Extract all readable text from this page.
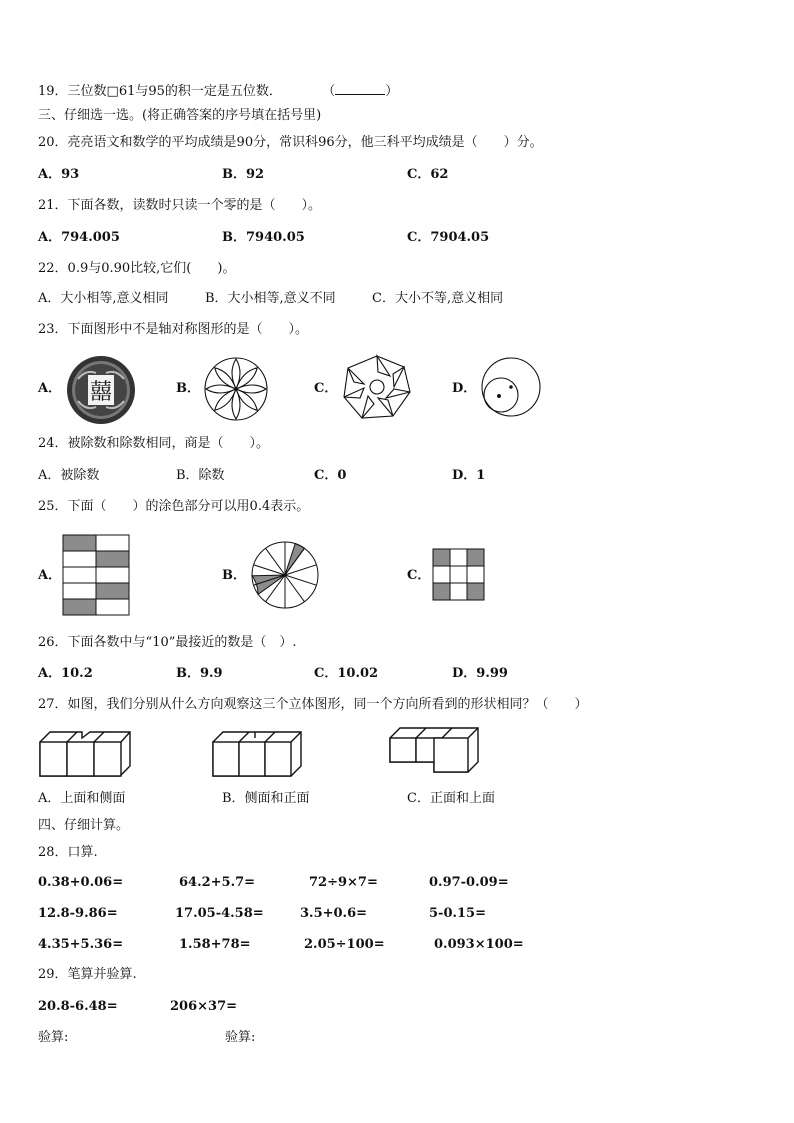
19．三位数□61与95的积一定是五位数．	（	）
三、仔细选一选。(将正确答案的序号填在括号里)
20．亮亮语文和数学的平均成绩是90分，常识科96分，他三科平均成绩是（　　）分。
A．93	B．92	C．62
21．下面各数，读数时只读一个零的是（　　）。
A．794.005	B．7940.05	C．7904.05
22．0.9与0.90比较,它们(　　)。
A．大小相等,意义相同	B．大小相等,意义不同	C．大小不等,意义相同
23．下面图形中不是轴对称图形的是（　　）。
A． 囍	B．	C．	D．
24．被除数和除数相同，商是（　　）。
A．被除数	B．除数	C．0	D．1
25．下面（　　）的涂色部分可以用0.4表示。
A．	B．	C．
26．下面各数中与“10”最接近的数是（　）.
A．10.2	B．9.9	C．10.02	D．9.99
27．如图，我们分别从什么方向观察这三个立体图形，同一个方向所看到的形状相同？（　　）
A．上面和侧面	B．侧面和正面	C．正面和上面
四、仔细计算。
28．口算.
0.38+0.06=	64.2+5.7=	72÷9×7=	0.97-0.09=
12.8-9.86=	17.05-4.58=	3.5+0.6=	5-0.15=
4.35+5.36=	1.58+78=	2.05÷100=	0.093×100=
29．笔算并验算.
20.8-6.48=	206×37=
验算:	验算:
